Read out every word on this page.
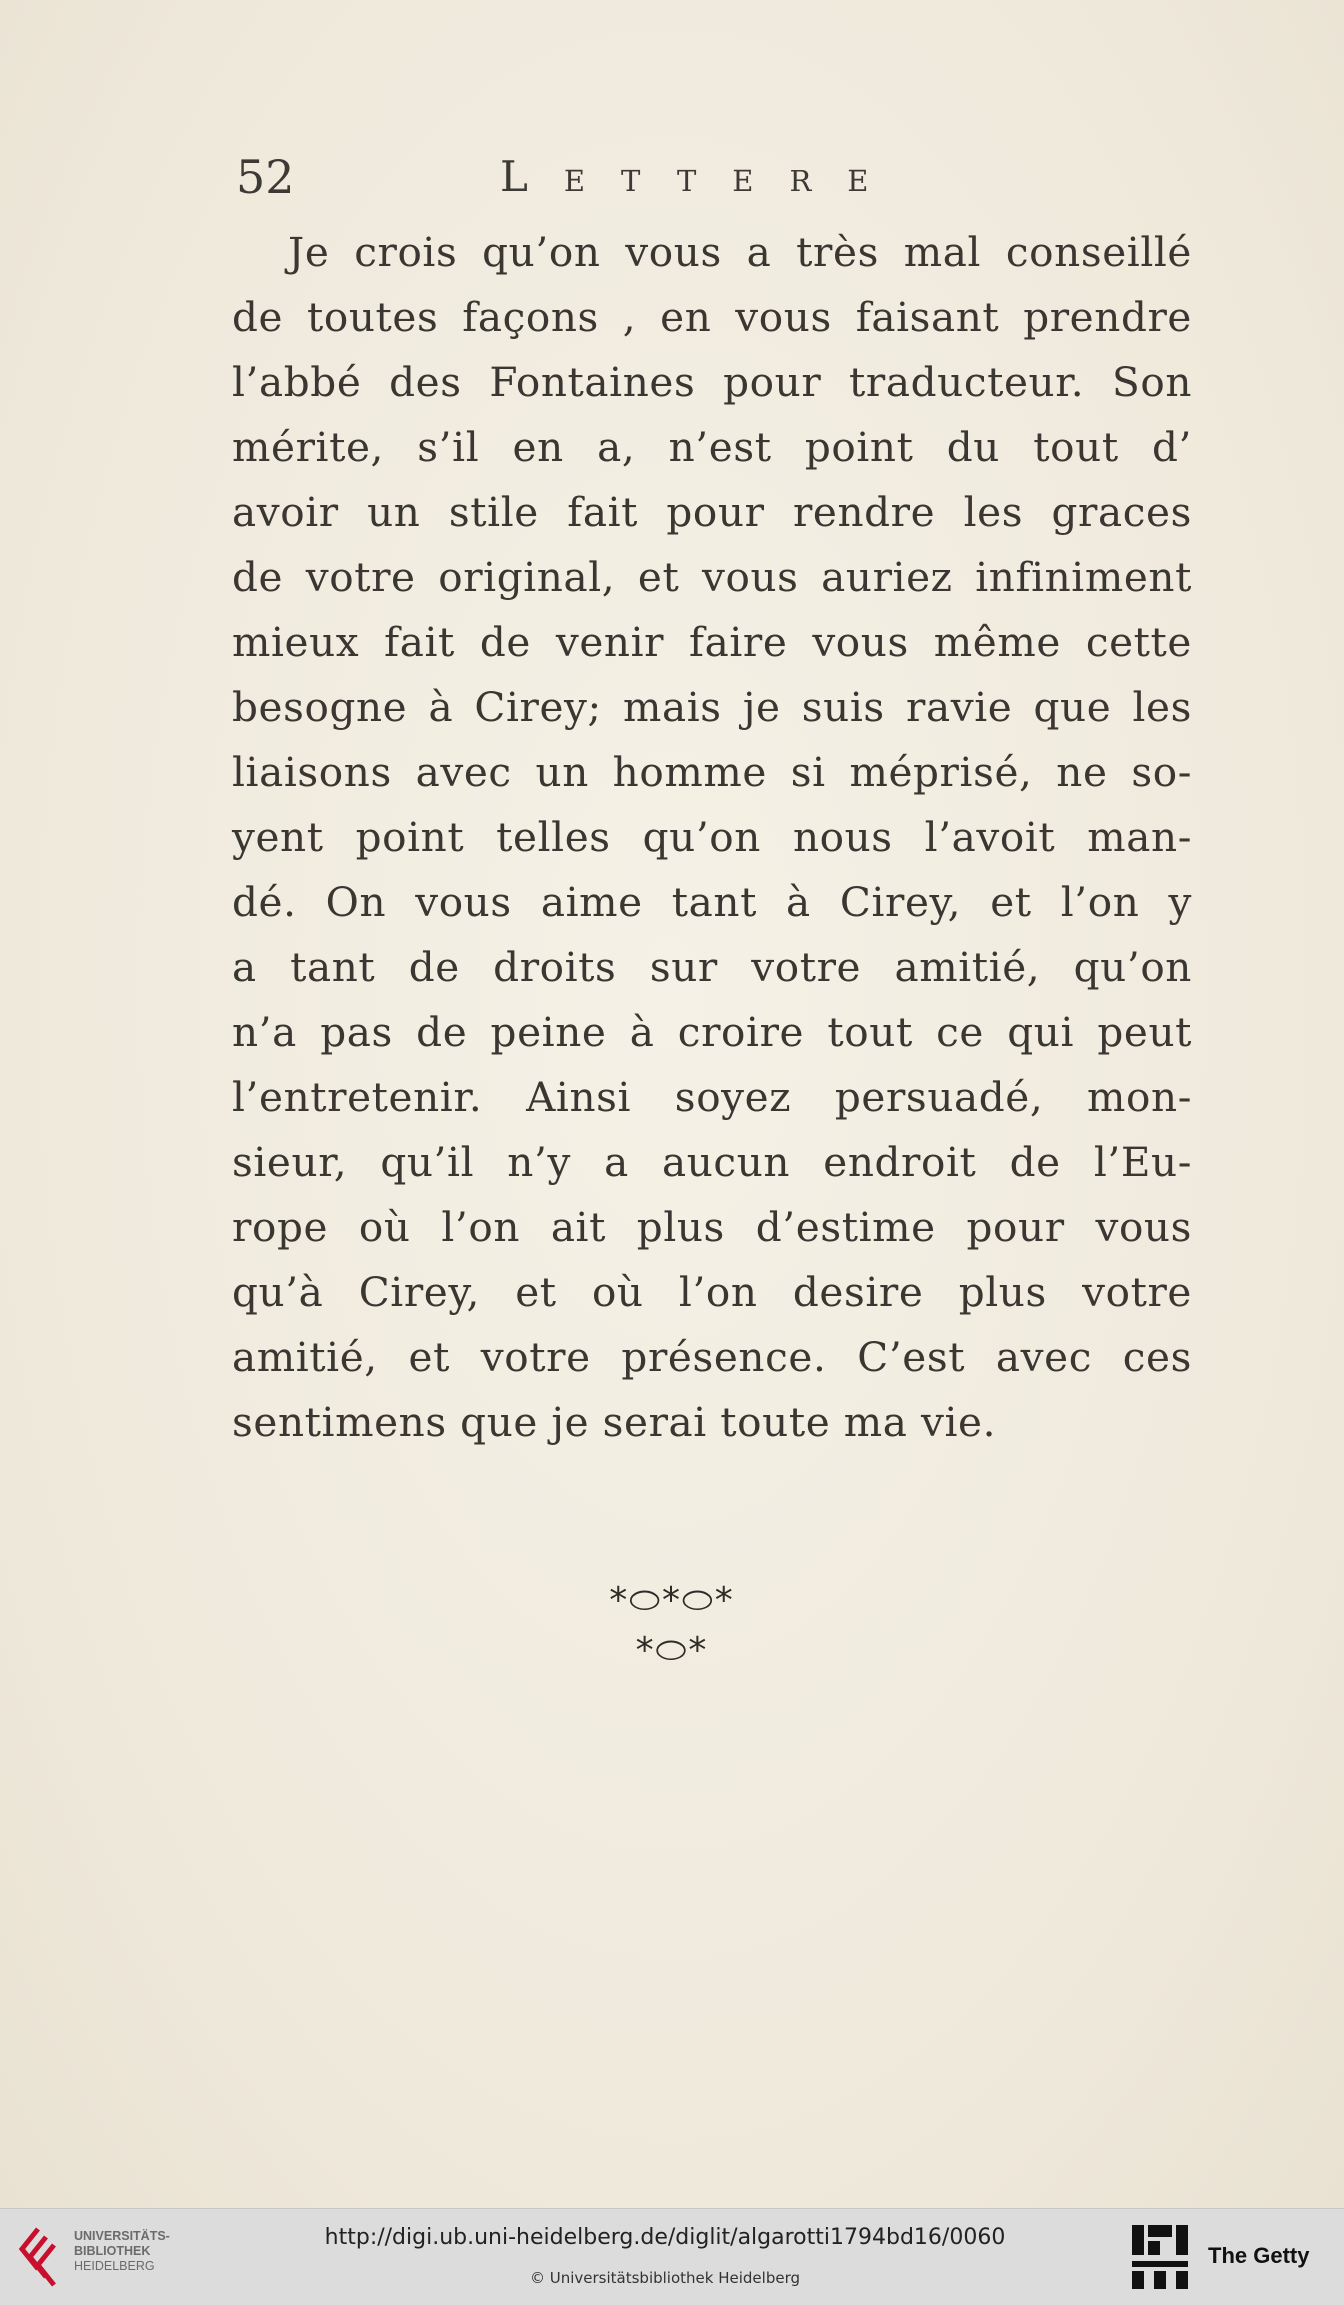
52	Lettere
Je crois qu’on vous a très mal conseillé
de toutes façons , en vous faisant prendre
l’abbé des Fontaines pour traducteur. Son
mérite, s’il en a, n’est point du tout d’
avoir un stile fait pour rendre les graces
de votre original, et vous auriez infiniment
mieux fait de venir faire vous même cette
besogne à Cirey; mais je suis ravie que les
liaisons avec un homme si méprisé, ne so-
yent point telles qu’on nous l’avoit man-
dé. On vous aime tant à Cirey, et l’on y
a tant de droits sur votre amitié, qu’on
n’a pas de peine à croire tout ce qui peut
l’entretenir. Ainsi soyez persuadé, mon-
sieur, qu’il n’y a aucun endroit de l’Eu-
rope où l’on ait plus d’estime pour vous
qu’à Cirey, et où l’on desire plus votre
amitié, et votre présence. C’est avec ces
sentimens que je serai toute ma vie.
*⬭*⬭*
*⬭*
UNIVERSITÄTS-
BIBLIOTHEK
HEIDELBERG
http://digi.ub.uni-heidelberg.de/diglit/algarotti1794bd16/0060
© Universitätsbibliothek Heidelberg
The Getty
